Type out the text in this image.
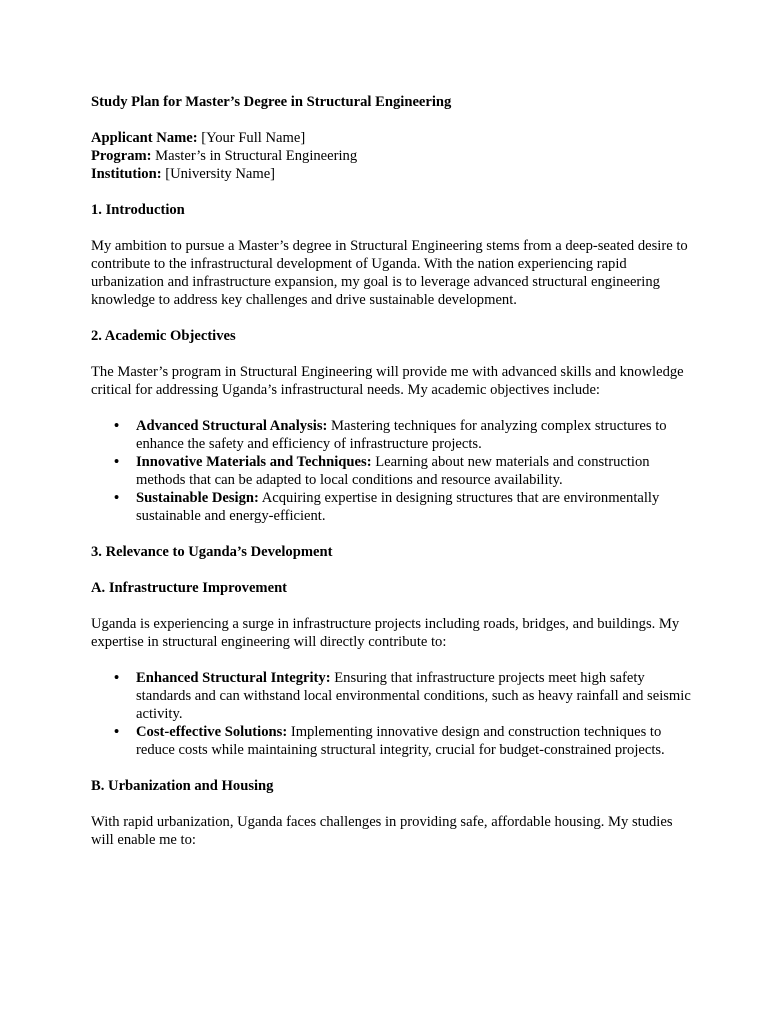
Study Plan for Master’s Degree in Structural Engineering

Applicant Name: [Your Full Name]

Program: Master’s in Structural Engineering

Institution: [University Name]

1. Introduction

My ambition to pursue a Master’s degree in Structural Engineering stems from a deep-seated desire to contribute to the infrastructural development of Uganda. With the nation experiencing rapid urbanization and infrastructure expansion, my goal is to leverage advanced structural engineering knowledge to address key challenges and drive sustainable development.

2. Academic Objectives

The Master’s program in Structural Engineering will provide me with advanced skills and knowledge critical for addressing Uganda’s infrastructural needs. My academic objectives include:

• Advanced Structural Analysis: Mastering techniques for analyzing complex structures to enhance the safety and efficiency of infrastructure projects.
• Innovative Materials and Techniques: Learning about new materials and construction methods that can be adapted to local conditions and resource availability.
• Sustainable Design: Acquiring expertise in designing structures that are environmentally sustainable and energy-efficient.
3. Relevance to Uganda’s Development
A. Infrastructure Improvement

Uganda is experiencing a surge in infrastructure projects including roads, bridges, and buildings. My expertise in structural engineering will directly contribute to:

• Enhanced Structural Integrity: Ensuring that infrastructure projects meet high safety standards and can withstand local environmental conditions, such as heavy rainfall and seismic activity.
• Cost-effective Solutions: Implementing innovative design and construction techniques to reduce costs while maintaining structural integrity, crucial for budget-constrained projects.
B. Urbanization and Housing

With rapid urbanization, Uganda faces challenges in providing safe, affordable housing. My studies will enable me to:
